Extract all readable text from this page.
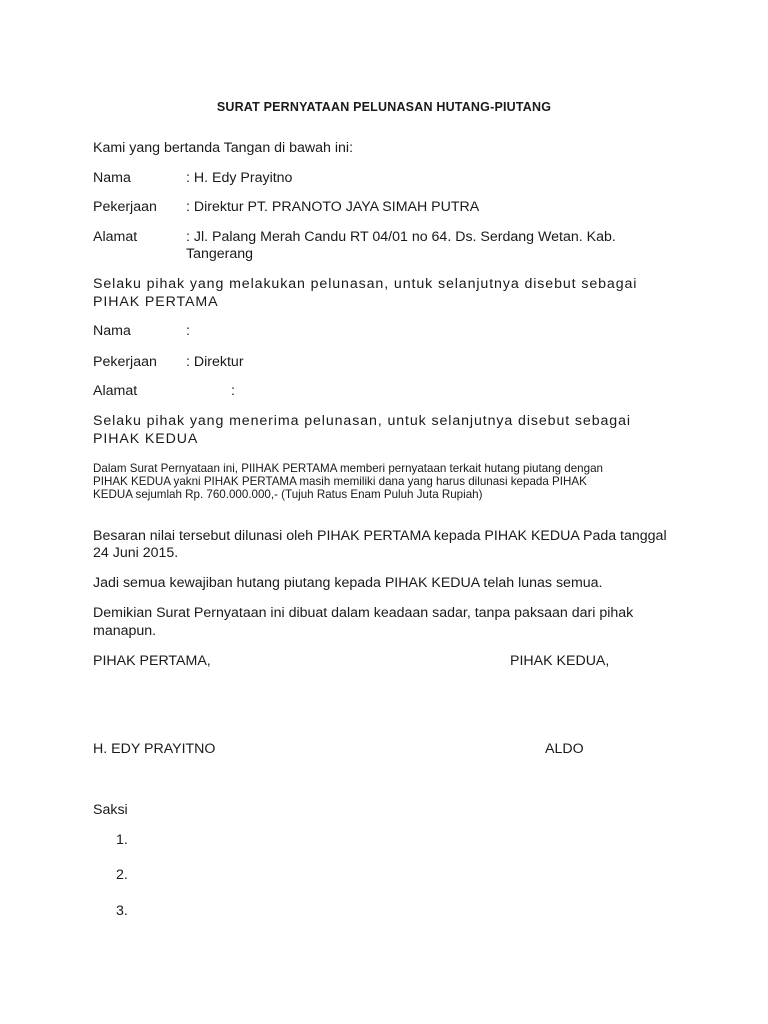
SURAT PERNYATAAN PELUNASAN HUTANG-PIUTANG
Kami yang bertanda Tangan di bawah ini:
Nama	: H. Edy Prayitno
Pekerjaan : Direktur PT. PRANOTO JAYA SIMAH PUTRA
Alamat	: Jl. Palang Merah Candu RT 04/01 no 64. Ds. Serdang Wetan. Kab.
Tangerang
Selaku pihak yang melakukan pelunasan, untuk selanjutnya disebut sebagai
PIHAK PERTAMA
Nama	:
Pekerjaan : Direktur
Alamat	:
Selaku pihak yang menerima pelunasan, untuk selanjutnya disebut sebagai
PIHAK KEDUA
Dalam Surat Pernyataan ini, PIIHAK PERTAMA memberi pernyataan terkait hutang piutang dengan
PIHAK KEDUA yakni PIHAK PERTAMA masih memiliki dana yang harus dilunasi kepada PIHAK
KEDUA sejumlah Rp. 760.000.000,- (Tujuh Ratus Enam Puluh Juta Rupiah)
Besaran nilai tersebut dilunasi oleh PIHAK PERTAMA kepada PIHAK KEDUA Pada tanggal
24 Juni 2015.
Jadi semua kewajiban hutang piutang kepada PIHAK KEDUA telah lunas semua.
Demikian Surat Pernyataan ini dibuat dalam keadaan sadar, tanpa paksaan dari pihak
manapun.
PIHAK PERTAMA,	PIHAK KEDUA,
H. EDY PRAYITNO	ALDO
Saksi
1.
2.
3.
